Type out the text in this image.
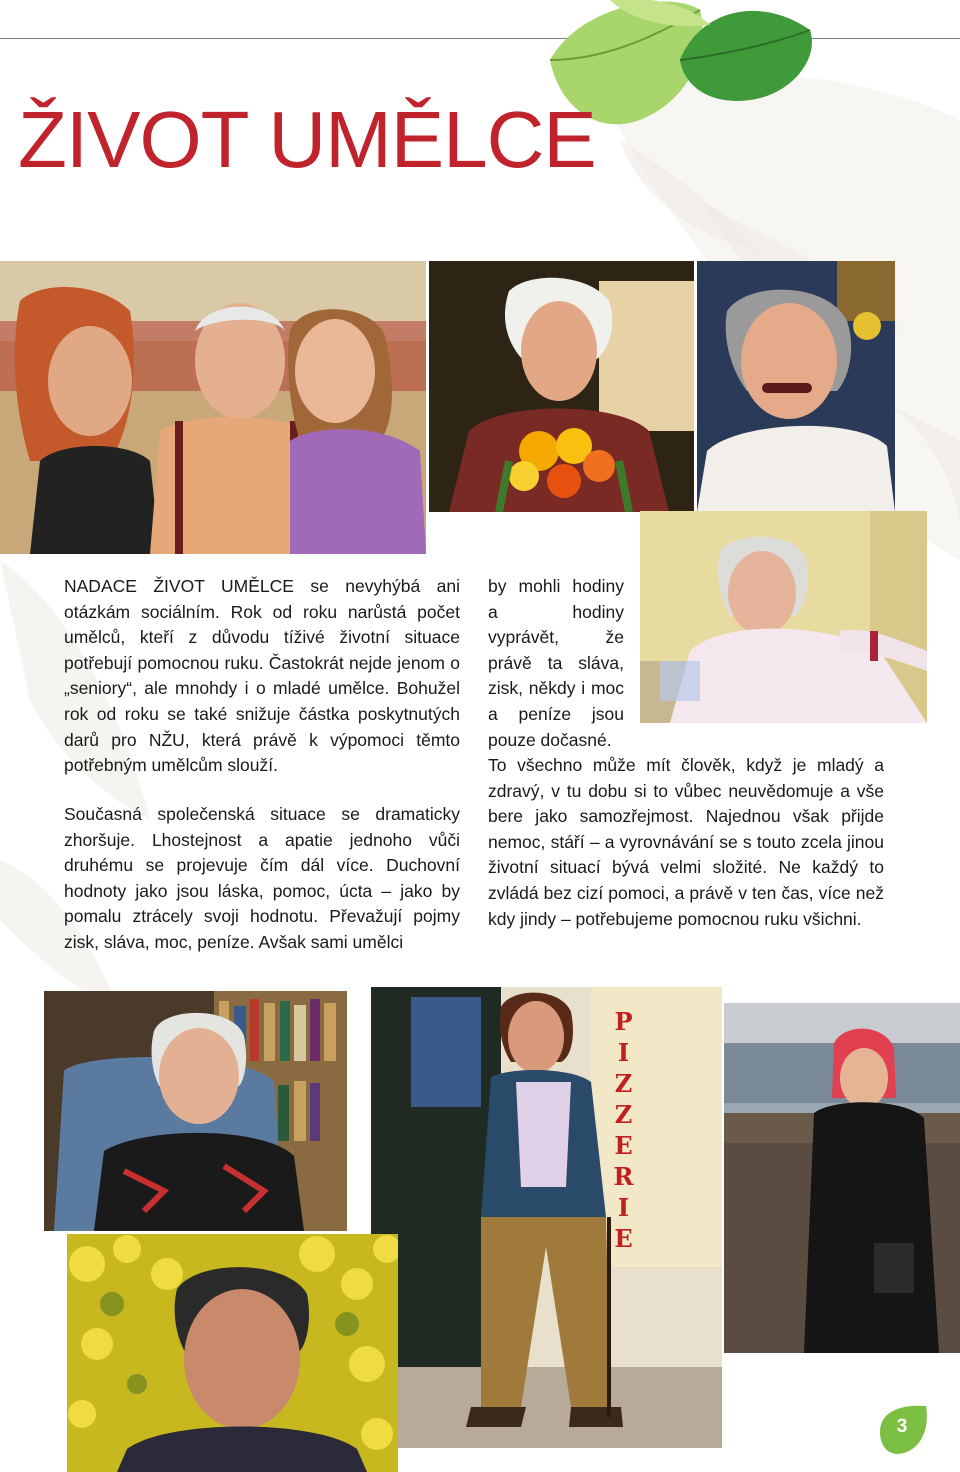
ŽIVOT UMĚLCE

NADACE ŽIVOT UMĚLCE se nevyhýbá ani otázkám sociálním. Rok od roku narůstá počet umělců, kteří z důvodu tíživé životní situace potřebují pomocnou ruku. Častokrát nejde jenom o „seniory“, ale mnohdy i o mladé umělce. Bohužel rok od roku se také snižuje částka poskytnutých darů pro NŽU, která právě k výpomoci těmto potřebným umělcům slouží.

Současná společenská situace se dramaticky zhoršuje. Lhostejnost a apatie jednoho vůči druhému se projevuje čím dál více. Duchovní hodnoty jako jsou láska, pomoc, úcta – jako by pomalu ztrácely svoji hodnotu. Převažují pojmy zisk, sláva, moc, peníze. Avšak sami umělci

by mohli hodiny a hodiny vyprávět, že právě ta sláva, zisk, někdy i moc a peníze jsou pouze dočasné.

To všechno může mít člověk, když je mladý a zdravý, v tu dobu si to vůbec neuvědomuje a vše bere jako samozřejmost. Najednou však přijde nemoc, stáří – a vyrovnávání se s touto zcela jinou životní situací bývá velmi složité. Ne každý to zvládá bez cizí pomoci, a právě v ten čas, více než kdy jindy – potřebujeme pomocnou ruku všichni.

PIZZERIE
3
